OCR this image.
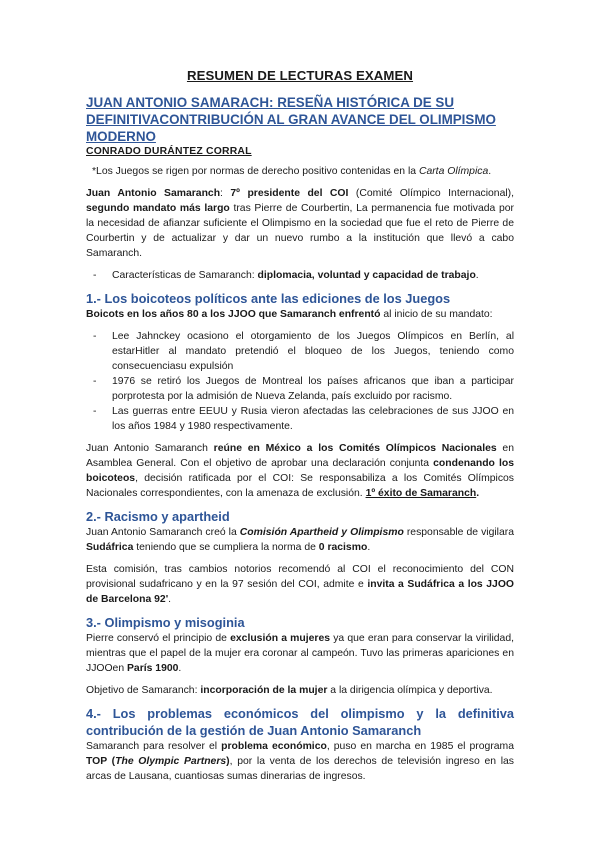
RESUMEN DE LECTURAS EXAMEN
JUAN ANTONIO SAMARACH: RESEÑA HISTÓRICA DE SU DEFINITIVACONTRIBUCIÓN AL GRAN AVANCE DEL OLIMPISMO MODERNO
CONRADO DURÁNTEZ CORRAL

*Los Juegos se rigen por normas de derecho positivo contenidas en la Carta Olímpica.

Juan Antonio Samaranch: 7º presidente del COI (Comité Olímpico Internacional), segundo mandato más largo tras Pierre de Courbertin, La permanencia fue motivada por la necesidad de afianzar suficiente el Olimpismo en la sociedad que fue el reto de Pierre de Courbertin y de actualizar y dar un nuevo rumbo a la institución que llevó a cabo Samaranch.

- Características de Samaranch: diplomacia, voluntad y capacidad de trabajo.
1.- Los boicoteos políticos ante las ediciones de los Juegos

Boicots en los años 80 a los JJOO que Samaranch enfrentó al inicio de su mandato:

- Lee Jahnckey ocasiono el otorgamiento de los Juegos Olímpicos en Berlín, al estarHitler al mandato pretendió el bloqueo de los Juegos, teniendo como consecuenciasu expulsión
- 1976 se retiró los Juegos de Montreal los países africanos que iban a participar porprotesta por la admisión de Nueva Zelanda, país excluido por racismo.
- Las guerras entre EEUU y Rusia vieron afectadas las celebraciones de sus JJOO en los años 1984 y 1980 respectivamente.

Juan Antonio Samaranch reúne en México a los Comités Olímpicos Nacionales en Asamblea General. Con el objetivo de aprobar una declaración conjunta condenando los boicoteos, decisión ratificada por el COI: Se responsabiliza a los Comités Olímpicos Nacionales correspondientes, con la amenaza de exclusión. 1º éxito de Samaranch.

2.- Racismo y apartheid

Juan Antonio Samaranch creó la Comisión Apartheid y Olimpismo responsable de vigilara Sudáfrica teniendo que se cumpliera la norma de 0 racismo.

Esta comisión, tras cambios notorios recomendó al COI el reconocimiento del CON provisional sudafricano y en la 97 sesión del COI, admite e invita a Sudáfrica a los JJOO de Barcelona 92'.

3.- Olimpismo y misoginia

Pierre conservó el principio de exclusión a mujeres ya que eran para conservar la virilidad, mientras que el papel de la mujer era coronar al campeón. Tuvo las primeras apariciones en JJOOen París 1900.

Objetivo de Samaranch: incorporación de la mujer a la dirigencia olímpica y deportiva.

4.- Los problemas económicos del olimpismo y la definitiva contribución de la gestión de Juan Antonio Samaranch

Samaranch para resolver el problema económico, puso en marcha en 1985 el programa TOP (The Olympic Partners), por la venta de los derechos de televisión ingreso en las arcas de Lausana, cuantiosas sumas dinerarias de ingresos.
